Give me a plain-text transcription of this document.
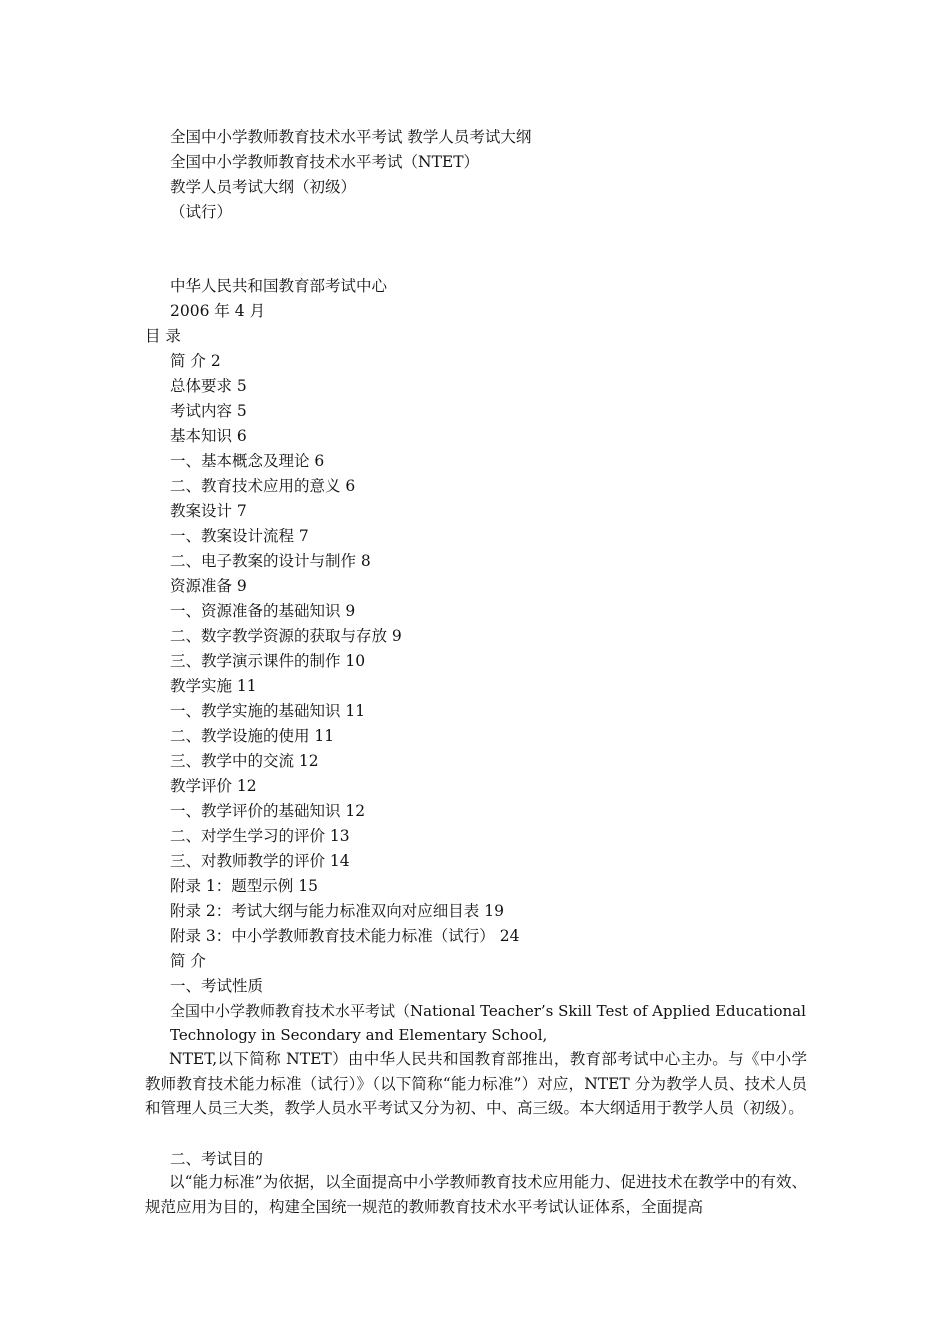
全国中小学教师教育技术水平考试 教学人员考试大纲
全国中小学教师教育技术水平考试（NTET）
教学人员考试大纲（初级）
（试行）
中华人民共和国教育部考试中心
2006 年 4 月
目 录
简 介 2
总体要求 5
考试内容 5
基本知识 6
一、基本概念及理论 6
二、教育技术应用的意义 6
教案设计 7
一、教案设计流程 7
二、电子教案的设计与制作 8
资源准备 9
一、资源准备的基础知识 9
二、数字教学资源的获取与存放 9
三、教学演示课件的制作 10
教学实施 11
一、教学实施的基础知识 11
二、教学设施的使用 11
三、教学中的交流 12
教学评价 12
一、教学评价的基础知识 12
二、对学生学习的评价 13
三、对教师教学的评价 14
附录 1：题型示例 15
附录 2：考试大纲与能力标准双向对应细目表 19
附录 3：中小学教师教育技术能力标准（试行） 24
简 介
一、考试性质
全国中小学教师教育技术水平考试（National Teacher’s Skill Test of Applied Educational
Technology in Secondary and Elementary School,
NTET,以下简称 NTET）由中华人民共和国教育部推出，教育部考试中心主办。与《中小学教师教育技术能力标准（试行）》（以下简称“能力标准”）对应，NTET 分为教学人员、技术人员和管理人员三大类，教学人员水平考试又分为初、中、高三级。本大纲适用于教学人员（初级）。
二、考试目的
以“能力标准”为依据，以全面提高中小学教师教育技术应用能力、促进技术在教学中的有效、规范应用为目的，构建全国统一规范的教师教育技术水平考试认证体系，全面提高
